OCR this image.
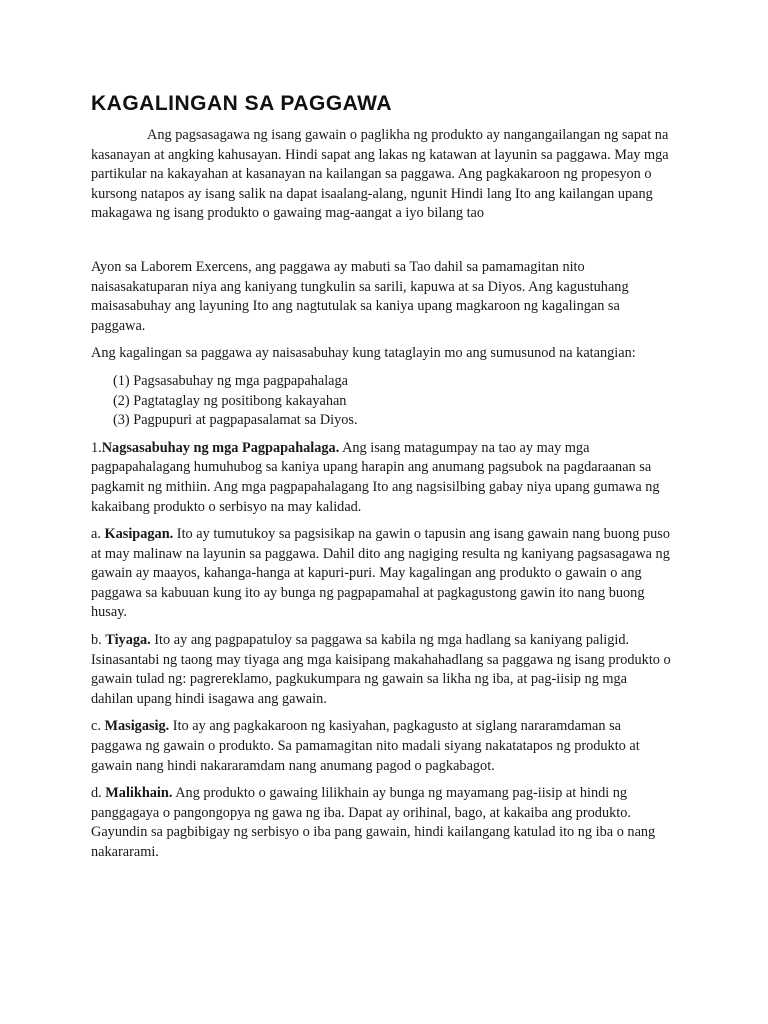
KAGALINGAN SA PAGGAWA

Ang pagsasagawa ng isang gawain o paglikha ng produkto ay nangangailangan ng sapat na kasanayan at angking kahusayan. Hindi sapat ang lakas ng katawan at layunin sa paggawa. May mga partikular na kakayahan at kasanayan na kailangan sa paggawa. Ang pagkakaroon ng propesyon o kursong natapos ay isang salik na dapat isaalang-alang, ngunit Hindi lang Ito ang kailangan upang makagawa ng isang produkto o gawaing mag-aangat a iyo bilang tao

Ayon sa Laborem Exercens, ang paggawa ay mabuti sa Tao dahil sa pamamagitan nito naisasakatuparan niya ang kaniyang tungkulin sa sarili, kapuwa at sa Diyos. Ang kagustuhang maisasabuhay ang layuning Ito ang nagtutulak sa kaniya upang magkaroon ng kagalingan sa paggawa.

Ang kagalingan sa paggawa ay naisasabuhay kung tataglayin mo ang sumusunod na katangian:

(1) Pagsasabuhay ng mga pagpapahalaga
(2) Pagtataglay ng positibong kakayahan
(3) Pagpupuri at pagpapasalamat sa Diyos.

1.Nagsasabuhay ng mga Pagpapahalaga. Ang isang matagumpay na tao ay may mga pagpapahalagang humuhubog sa kaniya upang harapin ang anumang pagsubok na pagdaraanan sa pagkamit ng mithiin. Ang mga pagpapahalagang Ito ang nagsisilbing gabay niya upang gumawa ng kakaibang produkto o serbisyo na may kalidad.

a. Kasipagan. Ito ay tumutukoy sa pagsisikap na gawin o tapusin ang isang gawain nang buong puso at may malinaw na layunin sa paggawa. Dahil dito ang nagiging resulta ng kaniyang pagsasagawa ng gawain ay maayos, kahanga-hanga at kapuri-puri. May kagalingan ang produkto o gawain o ang paggawa sa kabuuan kung ito ay bunga ng pagpapamahal at pagkagustong gawin ito nang buong husay.

b. Tiyaga. Ito ay ang pagpapatuloy sa paggawa sa kabila ng mga hadlang sa kaniyang paligid. Isinasantabi ng taong may tiyaga ang mga kaisipang makahahadlang sa paggawa ng isang produkto o gawain tulad ng: pagrereklamo, pagkukumpara ng gawain sa likha ng iba, at pag-iisip ng mga dahilan upang hindi isagawa ang gawain.

c. Masigasig. Ito ay ang pagkakaroon ng kasiyahan, pagkagusto at siglang nararamdaman sa paggawa ng gawain o produkto. Sa pamamagitan nito madali siyang nakatatapos ng produkto at gawain nang hindi nakararamdam nang anumang pagod o pagkabagot.

d. Malikhain. Ang produkto o gawaing lilikhain ay bunga ng mayamang pag-iisip at hindi ng panggagaya o pangongopya ng gawa ng iba. Dapat ay orihinal, bago, at kakaiba ang produkto. Gayundin sa pagbibigay ng serbisyo o iba pang gawain, hindi kailangang katulad ito ng iba o nang nakararami.
